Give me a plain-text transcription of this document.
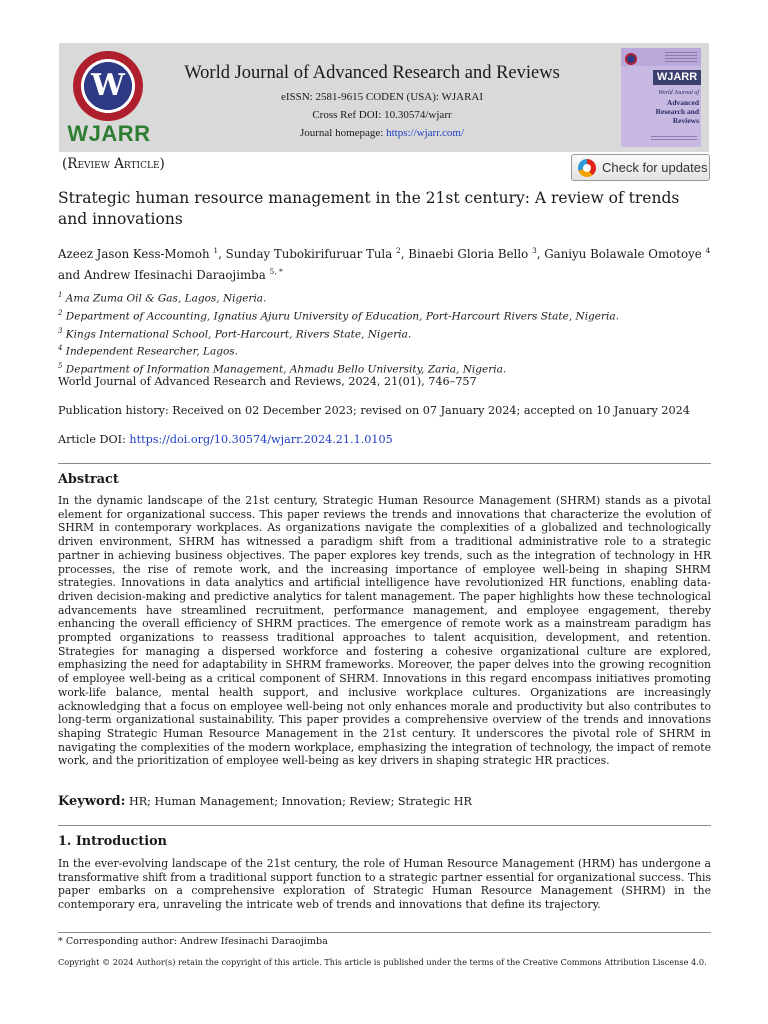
W
WJARR
World Journal of Advanced Research and Reviews
eISSN: 2581-9615 CODEN (USA): WJARAI
Cross Ref DOI: 10.30574/wjarr
Journal homepage: https://wjarr.com/
WJARR
World Journal of
Advanced
Research and
Reviews
(Review Article)	Check for updates
Strategic human resource management in the 21st century: A review of trends and innovations
Azeez Jason Kess-Momoh $^1$, Sunday Tubokirifuruar Tula $^2$, Binaebi Gloria Bello $^3$, Ganiyu Bolawale Omotoye $^4$ and Andrew Ifesinachi Daraojimba $^{5, *}$
$^1$ Ama Zuma Oil & Gas, Lagos, Nigeria.
$^2$ Department of Accounting, Ignatius Ajuru University of Education, Port-Harcourt Rivers State, Nigeria.
$^3$ Kings International School, Port-Harcourt, Rivers State, Nigeria.
$^4$ Independent Researcher, Lagos.
$^5$ Department of Information Management, Ahmadu Bello University, Zaria, Nigeria.
World Journal of Advanced Research and Reviews, 2024, 21(01), 746–757
Publication history: Received on 02 December 2023; revised on 07 January 2024; accepted on 10 January 2024
Article DOI: https://doi.org/10.30574/wjarr.2024.21.1.0105
Abstract
In the dynamic landscape of the 21st century, Strategic Human Resource Management (SHRM) stands as a pivotal element for organizational success. This paper reviews the trends and innovations that characterize the evolution of SHRM in contemporary workplaces. As organizations navigate the complexities of a globalized and technologically driven environment, SHRM has witnessed a paradigm shift from a traditional administrative role to a strategic partner in achieving business objectives. The paper explores key trends, such as the integration of technology in HR processes, the rise of remote work, and the increasing importance of employee well-being in shaping SHRM strategies. Innovations in data analytics and artificial intelligence have revolutionized HR functions, enabling data-driven decision-making and predictive analytics for talent management. The paper highlights how these technological advancements have streamlined recruitment, performance management, and employee engagement, thereby enhancing the overall efficiency of SHRM practices. The emergence of remote work as a mainstream paradigm has prompted organizations to reassess traditional approaches to talent acquisition, development, and retention. Strategies for managing a dispersed workforce and fostering a cohesive organizational culture are explored, emphasizing the need for adaptability in SHRM frameworks. Moreover, the paper delves into the growing recognition of employee well-being as a critical component of SHRM. Innovations in this regard encompass initiatives promoting work-life balance, mental health support, and inclusive workplace cultures. Organizations are increasingly acknowledging that a focus on employee well-being not only enhances morale and productivity but also contributes to long-term organizational sustainability. This paper provides a comprehensive overview of the trends and innovations shaping Strategic Human Resource Management in the 21st century. It underscores the pivotal role of SHRM in navigating the complexities of the modern workplace, emphasizing the integration of technology, the impact of remote work, and the prioritization of employee well-being as key drivers in shaping strategic HR practices.
Keyword: HR; Human Management; Innovation; Review; Strategic HR
1. Introduction
In the ever-evolving landscape of the 21st century, the role of Human Resource Management (HRM) has undergone a transformative shift from a traditional support function to a strategic partner essential for organizational success. This paper embarks on a comprehensive exploration of Strategic Human Resource Management (SHRM) in the contemporary era, unraveling the intricate web of trends and innovations that define its trajectory.
* Corresponding author: Andrew Ifesinachi Daraojimba
Copyright © 2024 Author(s) retain the copyright of this article. This article is published under the terms of the Creative Commons Attribution Liscense 4.0.
